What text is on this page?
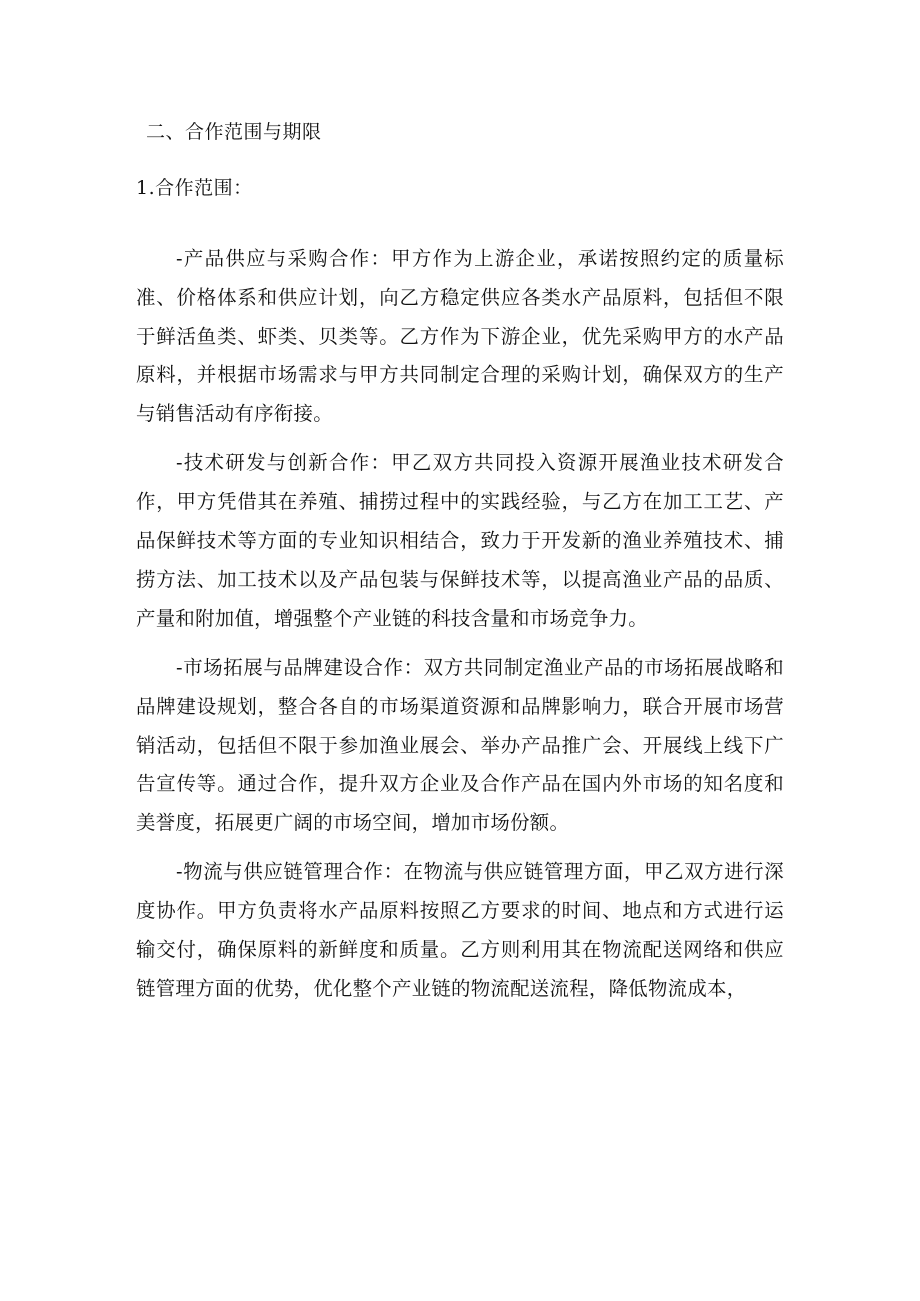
二、合作范围与期限
1.合作范围：

-产品供应与采购合作：甲方作为上游企业，承诺按照约定的质量标准、价格体系和供应计划，向乙方稳定供应各类水产品原料，包括但不限于鲜活鱼类、虾类、贝类等。乙方作为下游企业，优先采购甲方的水产品原料，并根据市场需求与甲方共同制定合理的采购计划，确保双方的生产与销售活动有序衔接。

-技术研发与创新合作：甲乙双方共同投入资源开展渔业技术研发合作，甲方凭借其在养殖、捕捞过程中的实践经验，与乙方在加工工艺、产品保鲜技术等方面的专业知识相结合，致力于开发新的渔业养殖技术、捕捞方法、加工技术以及产品包装与保鲜技术等，以提高渔业产品的品质、产量和附加值，增强整个产业链的科技含量和市场竞争力。

-市场拓展与品牌建设合作：双方共同制定渔业产品的市场拓展战略和品牌建设规划，整合各自的市场渠道资源和品牌影响力，联合开展市场营销活动，包括但不限于参加渔业展会、举办产品推广会、开展线上线下广告宣传等。通过合作，提升双方企业及合作产品在国内外市场的知名度和美誉度，拓展更广阔的市场空间，增加市场份额。

-物流与供应链管理合作：在物流与供应链管理方面，甲乙双方进行深度协作。甲方负责将水产品原料按照乙方要求的时间、地点和方式进行运输交付，确保原料的新鲜度和质量。乙方则利用其在物流配送网络和供应链管理方面的优势，优化整个产业链的物流配送流程，降低物流成本，
